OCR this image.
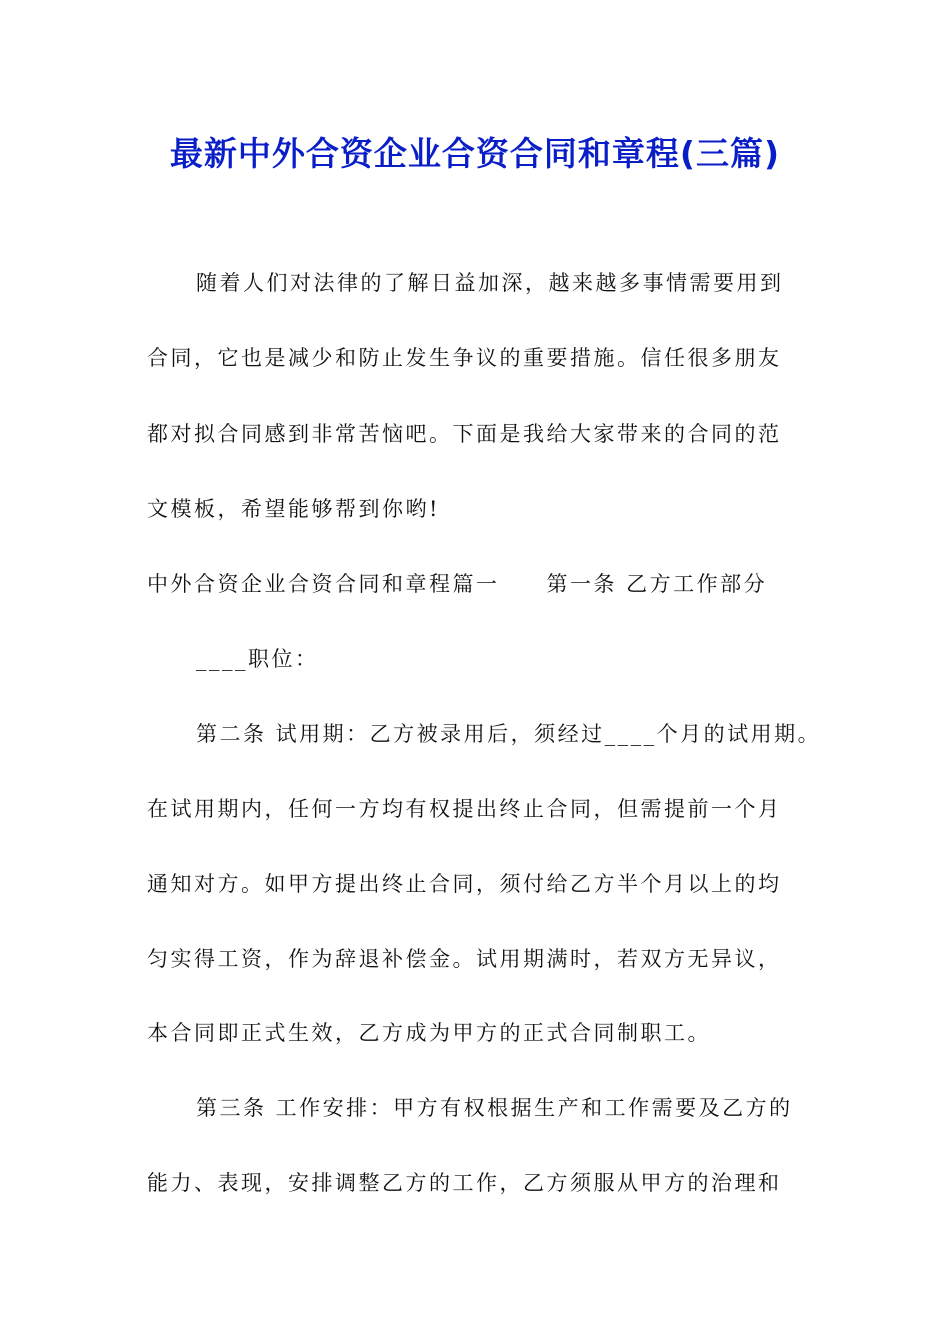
最新中外合资企业合资合同和章程(三篇)
随着人们对法律的了解日益加深，越来越多事情需要用到
合同，它也是减少和防止发生争议的重要措施。信任很多朋友
都对拟合同感到非常苦恼吧。下面是我给大家带来的合同的范
文模板，希望能够帮到你哟!
中外合资企业合资合同和章程篇一　　第一条 乙方工作部分
____职位：
第二条 试用期：乙方被录用后，须经过____个月的试用期。
在试用期内，任何一方均有权提出终止合同，但需提前一个月
通知对方。如甲方提出终止合同，须付给乙方半个月以上的均
匀实得工资，作为辞退补偿金。试用期满时，若双方无异议，
本合同即正式生效，乙方成为甲方的正式合同制职工。
第三条 工作安排：甲方有权根据生产和工作需要及乙方的
能力、表现，安排调整乙方的工作，乙方须服从甲方的治理和
